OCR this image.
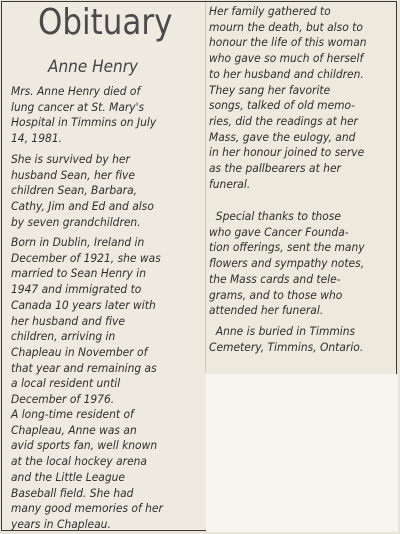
Obituary
Anne Henry

Mrs. Anne Henry died of
lung cancer at St. Mary's
Hospital in Timmins on July
14, 1981.

She is survived by her
husband Sean, her five
children Sean, Barbara,
Cathy, Jim and Ed and also
by seven grandchildren.

Born in Dublin, Ireland in
December of 1921, she was
married to Sean Henry in
1947 and immigrated to
Canada 10 years later with
her husband and five
children, arriving in
Chapleau in November of
that year and remaining as
a local resident until
December of 1976.

A long-time resident of
Chapleau, Anne was an
avid sports fan, well known
at the local hockey arena
and the Little League
Baseball field. She had
many good memories of her
years in Chapleau.

Her family gathered to
mourn the death, but also to
honour the life of this woman
who gave so much of herself
to her husband and children.
They sang her favorite
songs, talked of old memo-
ries, did the readings at her
Mass, gave the eulogy, and
in her honour joined to serve
as the pallbearers at her
funeral.

Special thanks to those
who gave Cancer Founda-
tion offerings, sent the many
flowers and sympathy notes,
the Mass cards and tele-
grams, and to those who
attended her funeral.

Anne is buried in Timmins
Cemetery, Timmins, Ontario.
